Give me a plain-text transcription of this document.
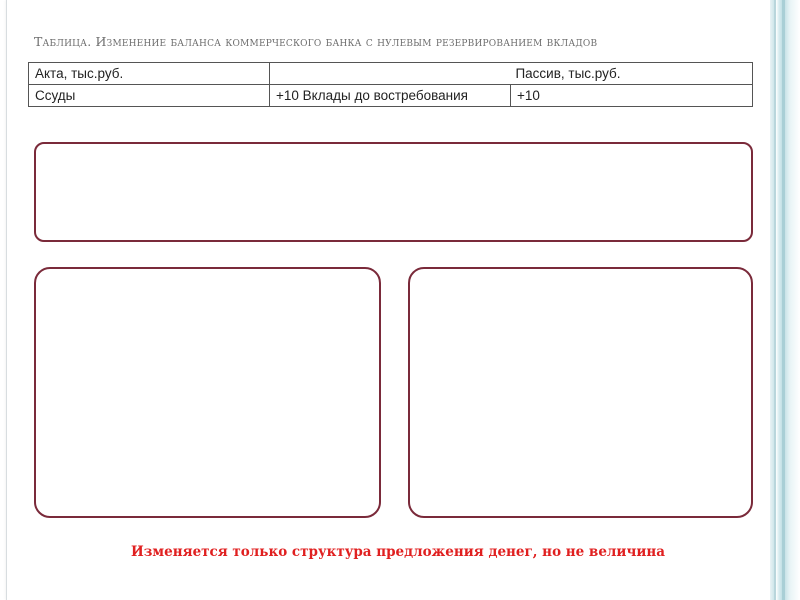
Таблица. Изменение баланса коммерческого банка с нулевым резервированием вкладов
Акта, тыс.руб.	Пассив, тыс.руб.	
Ссуды	+10 Вклады до востребования	+10
Изменяется только структура предложения денег, но не величина
